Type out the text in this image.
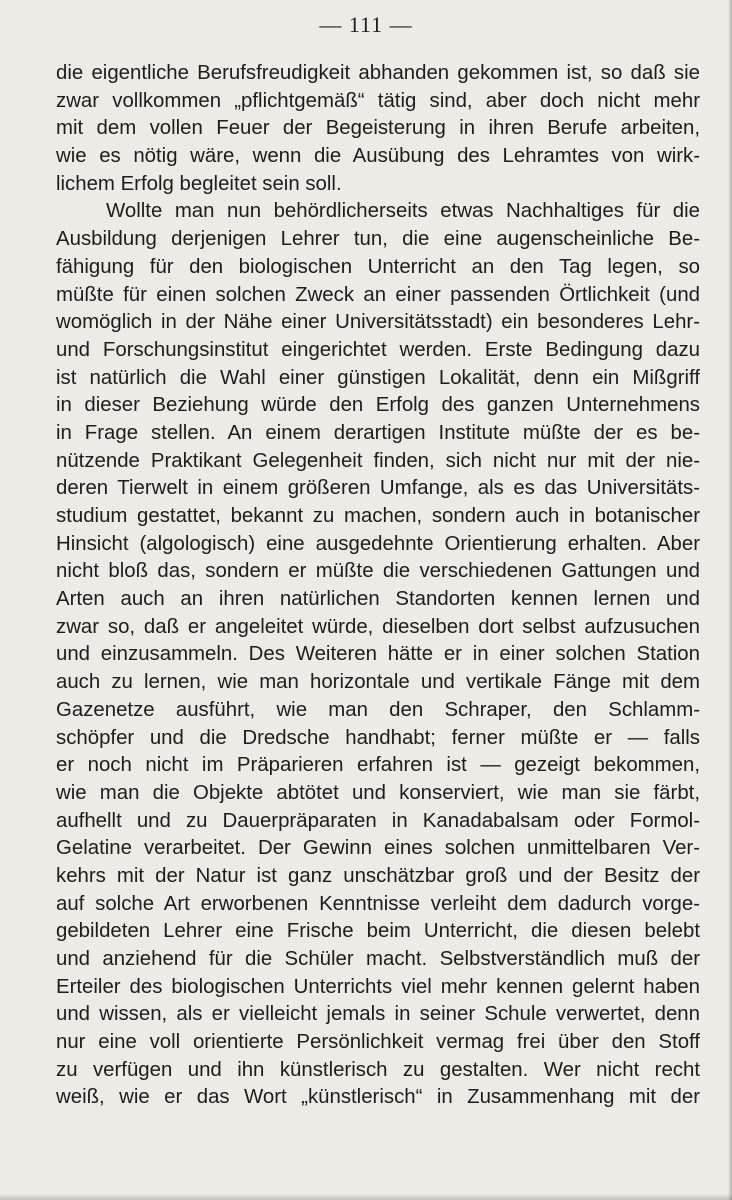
— 111 —
die eigentliche Berufsfreudigkeit abhanden gekommen ist, so daß sie
zwar vollkommen „pflichtgemäß“ tätig sind, aber doch nicht mehr
mit dem vollen Feuer der Begeisterung in ihren Berufe arbeiten,
wie es nötig wäre, wenn die Ausübung des Lehramtes von wirk-
lichem Erfolg begleitet sein soll.
Wollte man nun behördlicherseits etwas Nachhaltiges für die
Ausbildung derjenigen Lehrer tun, die eine augenscheinliche Be-
fähigung für den biologischen Unterricht an den Tag legen, so
müßte für einen solchen Zweck an einer passenden Örtlichkeit (und
womöglich in der Nähe einer Universitätsstadt) ein besonderes Lehr-
und Forschungsinstitut eingerichtet werden. Erste Bedingung dazu
ist natürlich die Wahl einer günstigen Lokalität, denn ein Mißgriff
in dieser Beziehung würde den Erfolg des ganzen Unternehmens
in Frage stellen. An einem derartigen Institute müßte der es be-
nützende Praktikant Gelegenheit finden, sich nicht nur mit der nie-
deren Tierwelt in einem größeren Umfange, als es das Universitäts-
studium gestattet, bekannt zu machen, sondern auch in botanischer
Hinsicht (algologisch) eine ausgedehnte Orientierung erhalten. Aber
nicht bloß das, sondern er müßte die verschiedenen Gattungen und
Arten auch an ihren natürlichen Standorten kennen lernen und
zwar so, daß er angeleitet würde, dieselben dort selbst aufzusuchen
und einzusammeln. Des Weiteren hätte er in einer solchen Station
auch zu lernen, wie man horizontale und vertikale Fänge mit dem
Gazenetze ausführt, wie man den Schraper, den Schlamm-
schöpfer und die Dredsche handhabt; ferner müßte er — falls
er noch nicht im Präparieren erfahren ist — gezeigt bekommen,
wie man die Objekte abtötet und konserviert, wie man sie färbt,
aufhellt und zu Dauerpräparaten in Kanadabalsam oder Formol-
Gelatine verarbeitet. Der Gewinn eines solchen unmittelbaren Ver-
kehrs mit der Natur ist ganz unschätzbar groß und der Besitz der
auf solche Art erworbenen Kenntnisse verleiht dem dadurch vorge-
gebildeten Lehrer eine Frische beim Unterricht, die diesen belebt
und anziehend für die Schüler macht. Selbstverständlich muß der
Erteiler des biologischen Unterrichts viel mehr kennen gelernt haben
und wissen, als er vielleicht jemals in seiner Schule verwertet, denn
nur eine voll orientierte Persönlichkeit vermag frei über den Stoff
zu verfügen und ihn künstlerisch zu gestalten. Wer nicht recht
weiß, wie er das Wort „künstlerisch“ in Zusammenhang mit der
